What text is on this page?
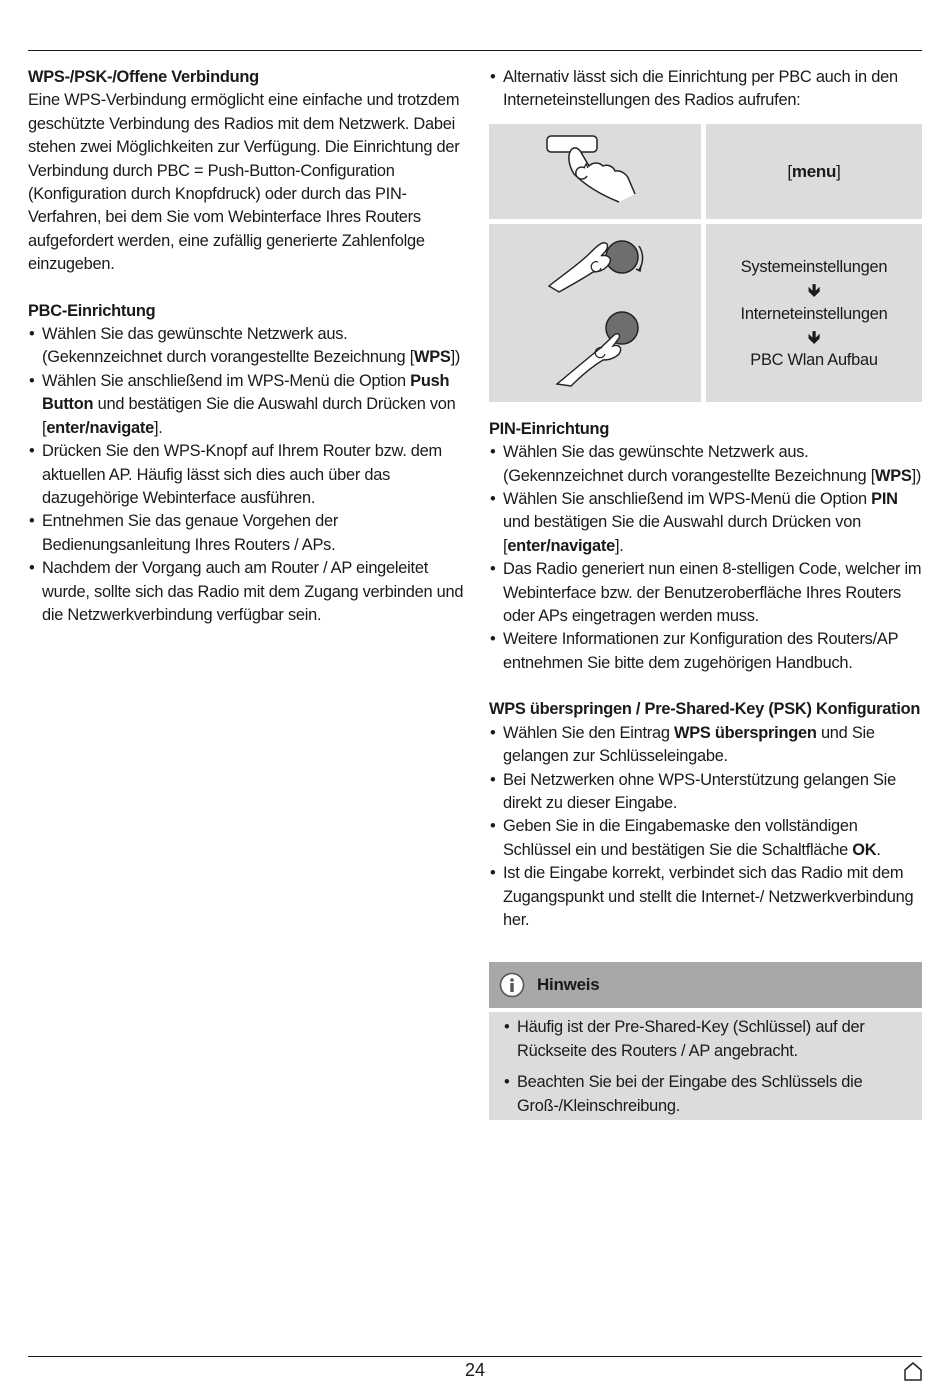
WPS-/PSK-/Offene Verbindung

Eine WPS-Verbindung ermöglicht eine einfache und trotzdem geschützte Verbindung des Radios mit dem Netzwerk. Dabei stehen zwei Möglichkeiten zur Verfügung. Die Einrichtung der Verbindung durch PBC = Push-Button-Configuration (Konfiguration durch Knopfdruck) oder durch das PIN-Verfahren, bei dem Sie vom Webinterface Ihres Routers aufgefordert werden, eine zufällig generierte Zahlenfolge einzugeben.

PBC-Einrichtung

• Wählen Sie das gewünschte Netzwerk aus. (Gekennzeichnet durch vorangestellte Bezeichnung [WPS])
• Wählen Sie anschließend im WPS-Menü die Option Push Button und bestätigen Sie die Auswahl durch Drücken von [enter/navigate].
• Drücken Sie den WPS-Knopf auf Ihrem Router bzw. dem aktuellen AP. Häufig lässt sich dies auch über das dazugehörige Webinterface ausführen.
• Entnehmen Sie das genaue Vorgehen der Bedienungsanleitung Ihres Routers / APs.
• Nachdem der Vorgang auch am Router / AP eingeleitet wurde, sollte sich das Radio mit dem Zugang verbinden und die Netzwerkverbindung verfügbar sein.
• Alternativ lässt sich die Einrichtung per PBC auch in den Interneteinstellungen des Radios aufrufen:
[menu]
Systemeinstellungen
🡻
Interneteinstellungen
🡻
PBC Wlan Aufbau

PIN-Einrichtung

• Wählen Sie das gewünschte Netzwerk aus. (Gekennzeichnet durch vorangestellte Bezeichnung [WPS])
• Wählen Sie anschließend im WPS-Menü die Option PIN und bestätigen Sie die Auswahl durch Drücken von [enter/navigate].
• Das Radio generiert nun einen 8-stelligen Code, welcher im Webinterface bzw. der Benutzeroberfläche Ihres Routers oder APs eingetragen werden muss.
• Weitere Informationen zur Konfiguration des Routers/AP entnehmen Sie bitte dem zugehörigen Handbuch.

WPS überspringen / Pre-Shared-Key (PSK) Konfiguration

• Wählen Sie den Eintrag WPS überspringen und Sie gelangen zur Schlüsseleingabe.
• Bei Netzwerken ohne WPS-Unterstützung gelangen Sie direkt zu dieser Eingabe.
• Geben Sie in die Eingabemaske den vollständigen Schlüssel ein und bestätigen Sie die Schaltfläche OK.
• Ist die Eingabe korrekt, verbindet sich das Radio mit dem Zugangspunkt und stellt die Internet-/ Netzwerkverbindung her.
Hinweis
• Häufig ist der Pre-Shared-Key (Schlüssel) auf der Rückseite des Routers / AP angebracht.
• Beachten Sie bei der Eingabe des Schlüssels die Groß-/Kleinschreibung.
24
